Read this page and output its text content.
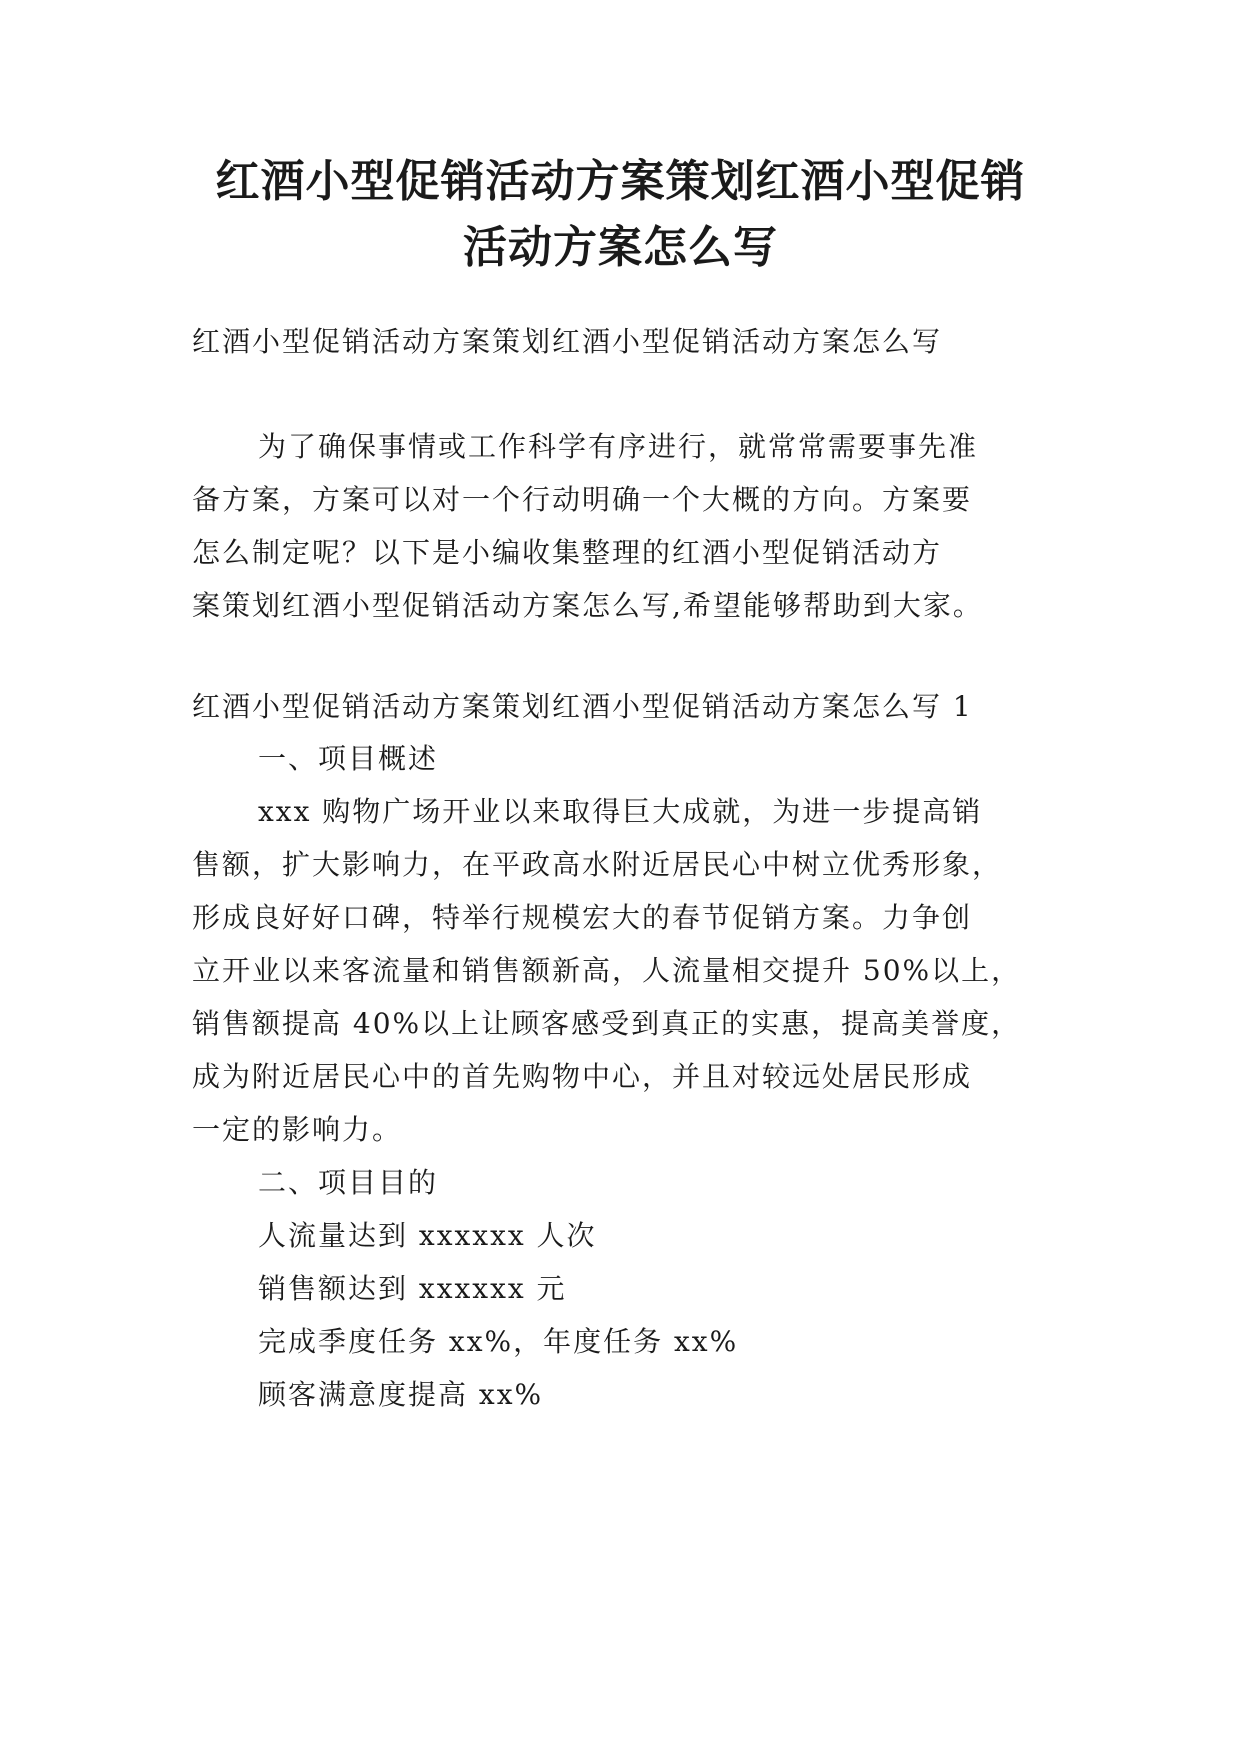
红酒小型促销活动方案策划红酒小型促销
活动方案怎么写
红酒小型促销活动方案策划红酒小型促销活动方案怎么写
为了确保事情或工作科学有序进行，就常常需要事先准
备方案，方案可以对一个行动明确一个大概的方向。方案要
怎么制定呢？以下是小编收集整理的红酒小型促销活动方
案策划红酒小型促销活动方案怎么写,希望能够帮助到大家。
红酒小型促销活动方案策划红酒小型促销活动方案怎么写 1
一、项目概述
xxx 购物广场开业以来取得巨大成就，为进一步提高销
售额，扩大影响力，在平政高水附近居民心中树立优秀形象，
形成良好好口碑，特举行规模宏大的春节促销方案。力争创
立开业以来客流量和销售额新高，人流量相交提升 50%以上，
销售额提高 40%以上让顾客感受到真正的实惠，提高美誉度，
成为附近居民心中的首先购物中心，并且对较远处居民形成
一定的影响力。
二、项目目的
人流量达到 xxxxxx 人次
销售额达到 xxxxxx 元
完成季度任务 xx%，年度任务 xx%
顾客满意度提高 xx%
